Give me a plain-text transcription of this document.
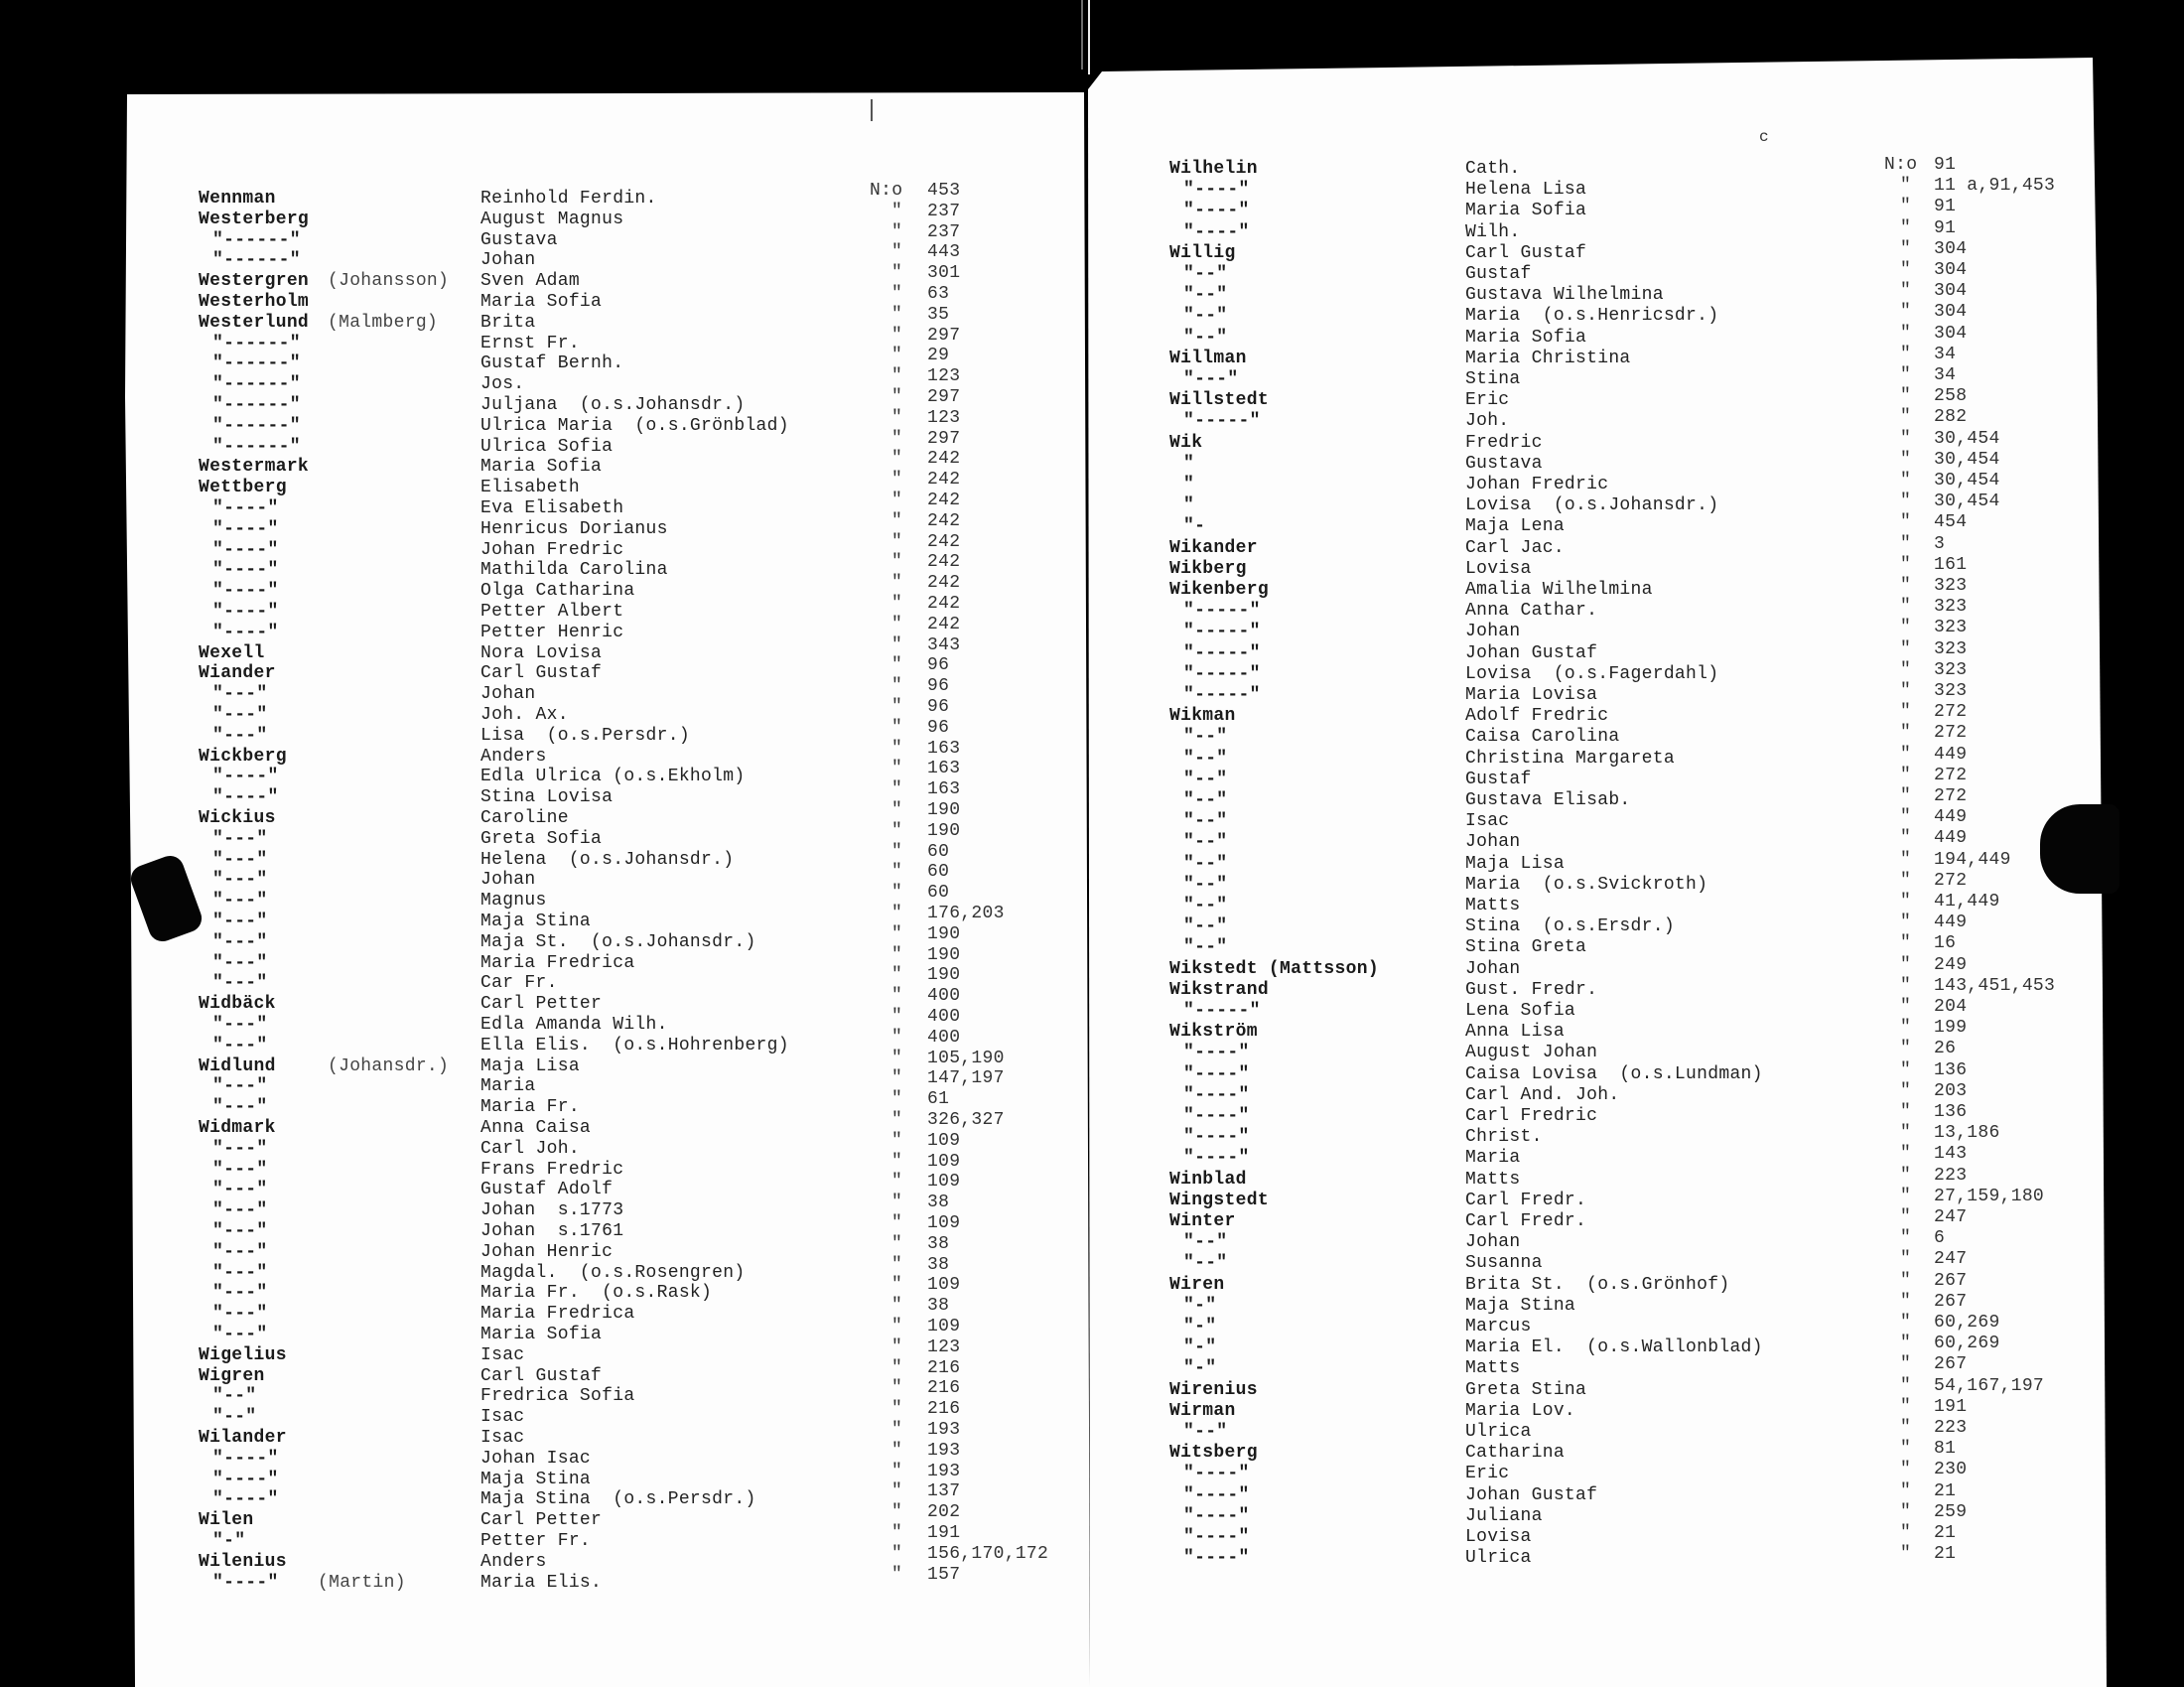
c
Wennman	Reinhold Ferdin.	N:o 453
Westerberg	August Magnus	" 237
"------"	Gustava	" 237
"------"	Johan	" 443
Westergren (Johansson) Sven Adam	" 301
Westerholm	Maria Sofia	" 63
Westerlund (Malmberg) Brita	" 35
"------"	Ernst Fr.	" 297
"------"	Gustaf Bernh.	" 29
"------"	Jos.	" 123
"------"	Juljana  (o.s.Johansdr.)	" 297
"------"	Ulrica Maria  (o.s.Grönblad)	" 123
"------"	Ulrica Sofia	" 297
Westermark	Maria Sofia	" 242
Wettberg	Elisabeth	" 242
"----"	Eva Elisabeth	" 242
"----"	Henricus Dorianus	" 242
"----"	Johan Fredric	" 242
"----"	Mathilda Carolina	" 242
"----"	Olga Catharina	" 242
"----"	Petter Albert	" 242
"----"	Petter Henric	" 242
Wexell	Nora Lovisa	" 343
Wiander	Carl Gustaf	" 96
"---"	Johan	" 96
"---"	Joh. Ax.	" 96
"---"	Lisa  (o.s.Persdr.)	" 96
Wickberg	Anders	" 163
"----"	Edla Ulrica (o.s.Ekholm)	" 163
"----"	Stina Lovisa	" 163
Wickius	Caroline	" 190
"---"	Greta Sofia	" 190
"---"	Helena  (o.s.Johansdr.)	" 60
"---"	Johan	" 60
"---"	Magnus	" 60
"---"	Maja Stina	" 176,203
"---"	Maja St.  (o.s.Johansdr.)	" 190
"---"	Maria Fredrica	" 190
"---"	Car Fr.	" 190
Widbäck	Carl Petter	" 400
"---"	Edla Amanda Wilh.	" 400
"---"	Ella Elis.  (o.s.Hohrenberg)	" 400
Widlund	(Johansdr.) Maja Lisa	" 105,190
"---"	Maria	" 147,197
"---"	Maria Fr.	" 61
Widmark	Anna Caisa	" 326,327
"---"	Carl Joh.	" 109
"---"	Frans Fredric	" 109
"---"	Gustaf Adolf	" 109
"---"	Johan  s.1773	" 38
"---"	Johan  s.1761	" 109
"---"	Johan Henric	" 38
"---"	Magdal.  (o.s.Rosengren)	" 38
"---"	Maria Fr.  (o.s.Rask)	" 109
"---"	Maria Fredrica	" 38
"---"	Maria Sofia	" 109
Wigelius	Isac	" 123
Wigren	Carl Gustaf	" 216
"--"	Fredrica Sofia	" 216
"--"	Isac	" 216
Wilander	Isac	" 193
"----"	Johan Isac	" 193
"----"	Maja Stina	" 193
"----"	Maja Stina  (o.s.Persdr.)	" 137
Wilen	Carl Petter	" 202
"-"	Petter Fr.	" 191
Wilenius	Anders	" 156,170,172
"----" (Martin)	Maria Elis.	" 157
Wilhelin	Cath.	N:o 91
"----"	Helena Lisa	" 11 a,91,453
"----"	Maria Sofia	" 91
"----"	Wilh.	" 91
Willig	Carl Gustaf	" 304
"--"	Gustaf	" 304
"--"	Gustava Wilhelmina	" 304
"--"	Maria  (o.s.Henricsdr.)	" 304
"--"	Maria Sofia	" 304
Willman	Maria Christina	" 34
"---"	Stina	" 34
Willstedt	Eric	" 258
"-----"	Joh.	" 282
Wik	Fredric	" 30,454
"	Gustava	" 30,454
"	Johan Fredric	" 30,454
"	Lovisa  (o.s.Johansdr.)	" 30,454
"-	Maja Lena	" 454
Wikander	Carl Jac.	" 3
Wikberg	Lovisa	" 161
Wikenberg	Amalia Wilhelmina	" 323
"-----"	Anna Cathar.	" 323
"-----"	Johan	" 323
"-----"	Johan Gustaf	" 323
"-----"	Lovisa  (o.s.Fagerdahl)	" 323
"-----"	Maria Lovisa	" 323
Wikman	Adolf Fredric	" 272
"--"	Caisa Carolina	" 272
"--"	Christina Margareta	" 449
"--"	Gustaf	" 272
"--"	Gustava Elisab.	" 272
"--"	Isac	" 449
"--"	Johan	" 449
"--"	Maja Lisa	" 194,449
"--"	Maria  (o.s.Svickroth)	" 272
"--"	Matts	" 41,449
"--"	Stina  (o.s.Ersdr.)	" 449
"--"	Stina Greta	" 16
Wikstedt (Mattsson)	Johan	" 249
Wikstrand	Gust. Fredr.	" 143,451,453
"-----"	Lena Sofia	" 204
Wikström	Anna Lisa	" 199
"----"	August Johan	" 26
"----"	Caisa Lovisa  (o.s.Lundman)	" 136
"----"	Carl And. Joh.	" 203
"----"	Carl Fredric	" 136
"----"	Christ.	" 13,186
"----"	Maria	" 143
Winblad	Matts	" 223
Wingstedt	Carl Fredr.	" 27,159,180
Winter	Carl Fredr.	" 247
"--"	Johan	" 6
"--"	Susanna	" 247
Wiren	Brita St.  (o.s.Grönhof)	" 267
"-"	Maja Stina	" 267
"-"	Marcus	" 60,269
"-"	Maria El.  (o.s.Wallonblad)	" 60,269
"-"	Matts	" 267
Wirenius	Greta Stina	" 54,167,197
Wirman	Maria Lov.	" 191
"--"	Ulrica	" 223
Witsberg	Catharina	" 81
"----"	Eric	" 230
"----"	Johan Gustaf	" 21
"----"	Juliana	" 259
"----"	Lovisa	" 21
"----"	Ulrica	" 21
